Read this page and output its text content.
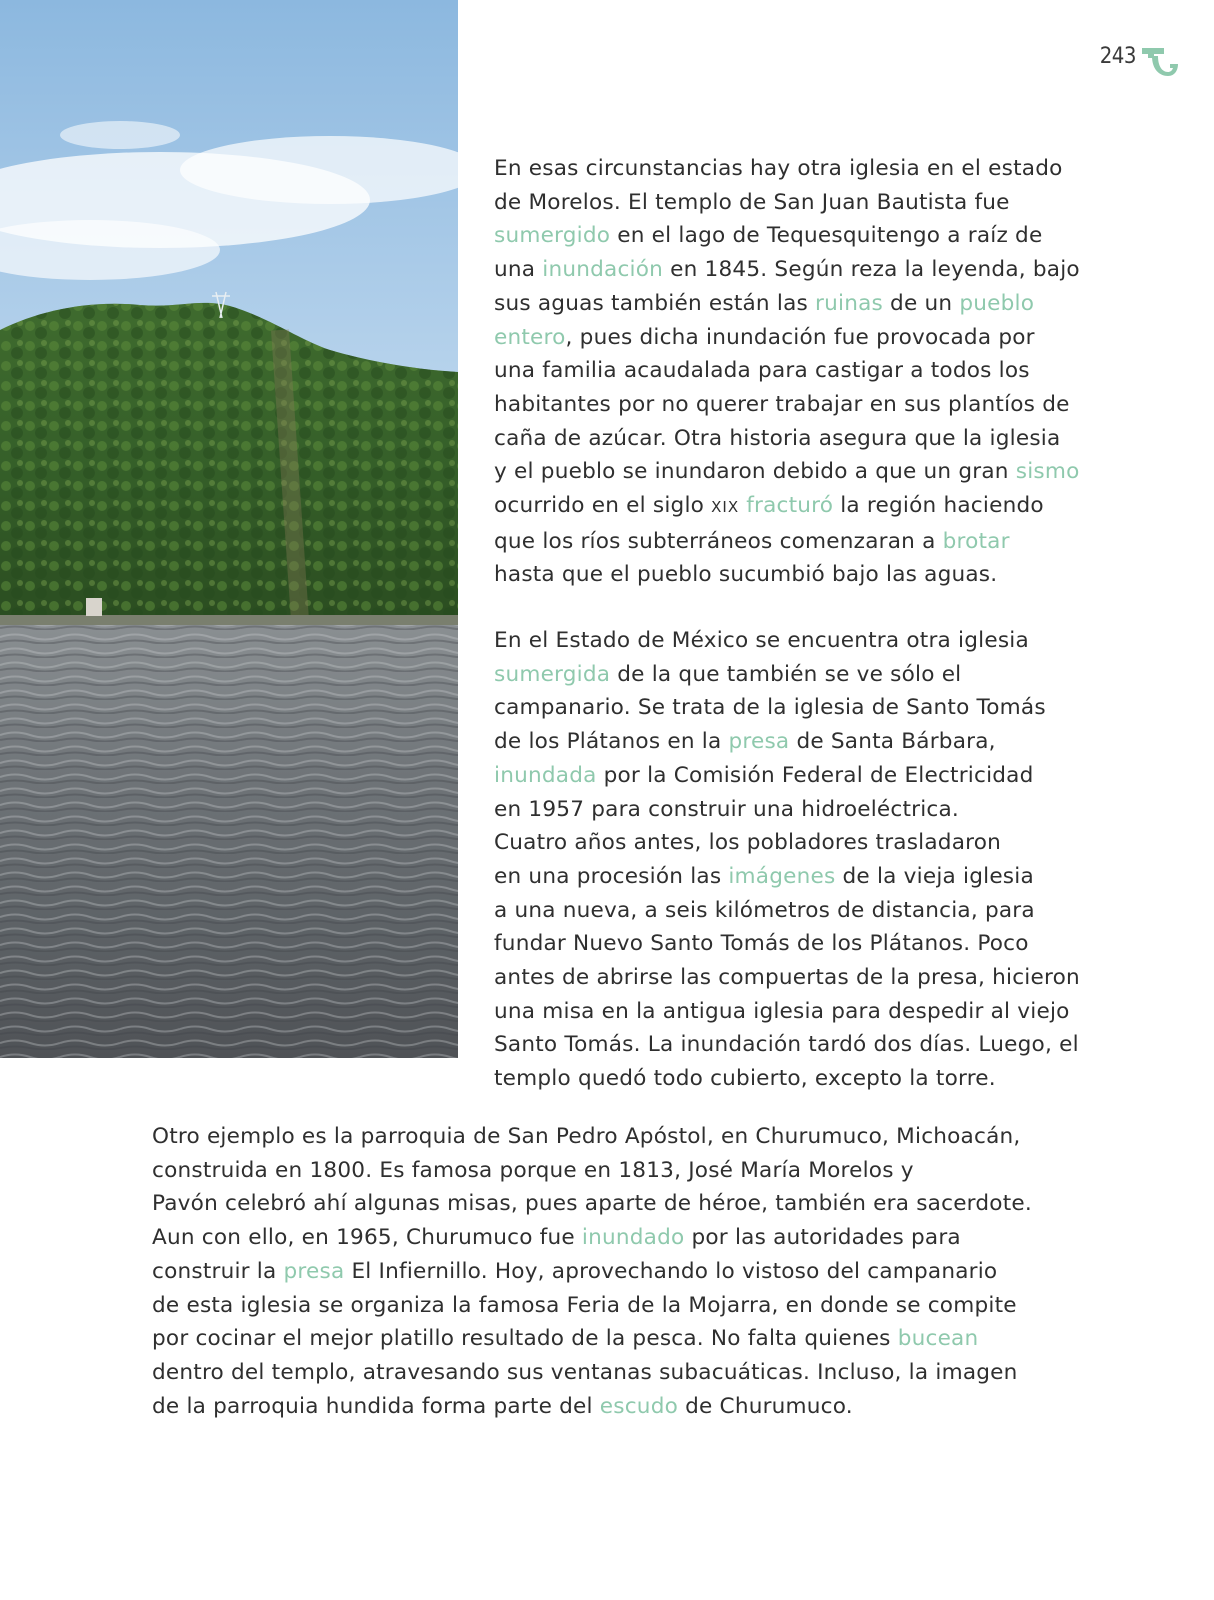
243
En esas circunstancias hay otra iglesia en el estado
de Morelos. El templo de San Juan Bautista fue
sumergido en el lago de Tequesquitengo a raíz de
una inundación en 1845. Según reza la leyenda, bajo
sus aguas también están las ruinas de un pueblo
entero, pues dicha inundación fue provocada por
una familia acaudalada para castigar a todos los
habitantes por no querer trabajar en sus plantíos de
caña de azúcar. Otra historia asegura que la iglesia
y el pueblo se inundaron debido a que un gran sismo
ocurrido en el siglo XIX fracturó la región haciendo
que los ríos subterráneos comenzaran a brotar
hasta que el pueblo sucumbió bajo las aguas.
En el Estado de México se encuentra otra iglesia
sumergida de la que también se ve sólo el
campanario. Se trata de la iglesia de Santo Tomás
de los Plátanos en la presa de Santa Bárbara,
inundada por la Comisión Federal de Electricidad
en 1957 para construir una hidroeléctrica.
Cuatro años antes, los pobladores trasladaron
en una procesión las imágenes de la vieja iglesia
a una nueva, a seis kilómetros de distancia, para
fundar Nuevo Santo Tomás de los Plátanos. Poco
antes de abrirse las compuertas de la presa, hicieron
una misa en la antigua iglesia para despedir al viejo
Santo Tomás. La inundación tardó dos días. Luego, el
templo quedó todo cubierto, excepto la torre.
Otro ejemplo es la parroquia de San Pedro Apóstol, en Churumuco, Michoacán,
construida en 1800. Es famosa porque en 1813, José María Morelos y
Pavón celebró ahí algunas misas, pues aparte de héroe, también era sacerdote.
Aun con ello, en 1965, Churumuco fue inundado por las autoridades para
construir la presa El Infiernillo. Hoy, aprovechando lo vistoso del campanario
de esta iglesia se organiza la famosa Feria de la Mojarra, en donde se compite
por cocinar el mejor platillo resultado de la pesca. No falta quienes bucean
dentro del templo, atravesando sus ventanas subacuáticas. Incluso, la imagen
de la parroquia hundida forma parte del escudo de Churumuco.
